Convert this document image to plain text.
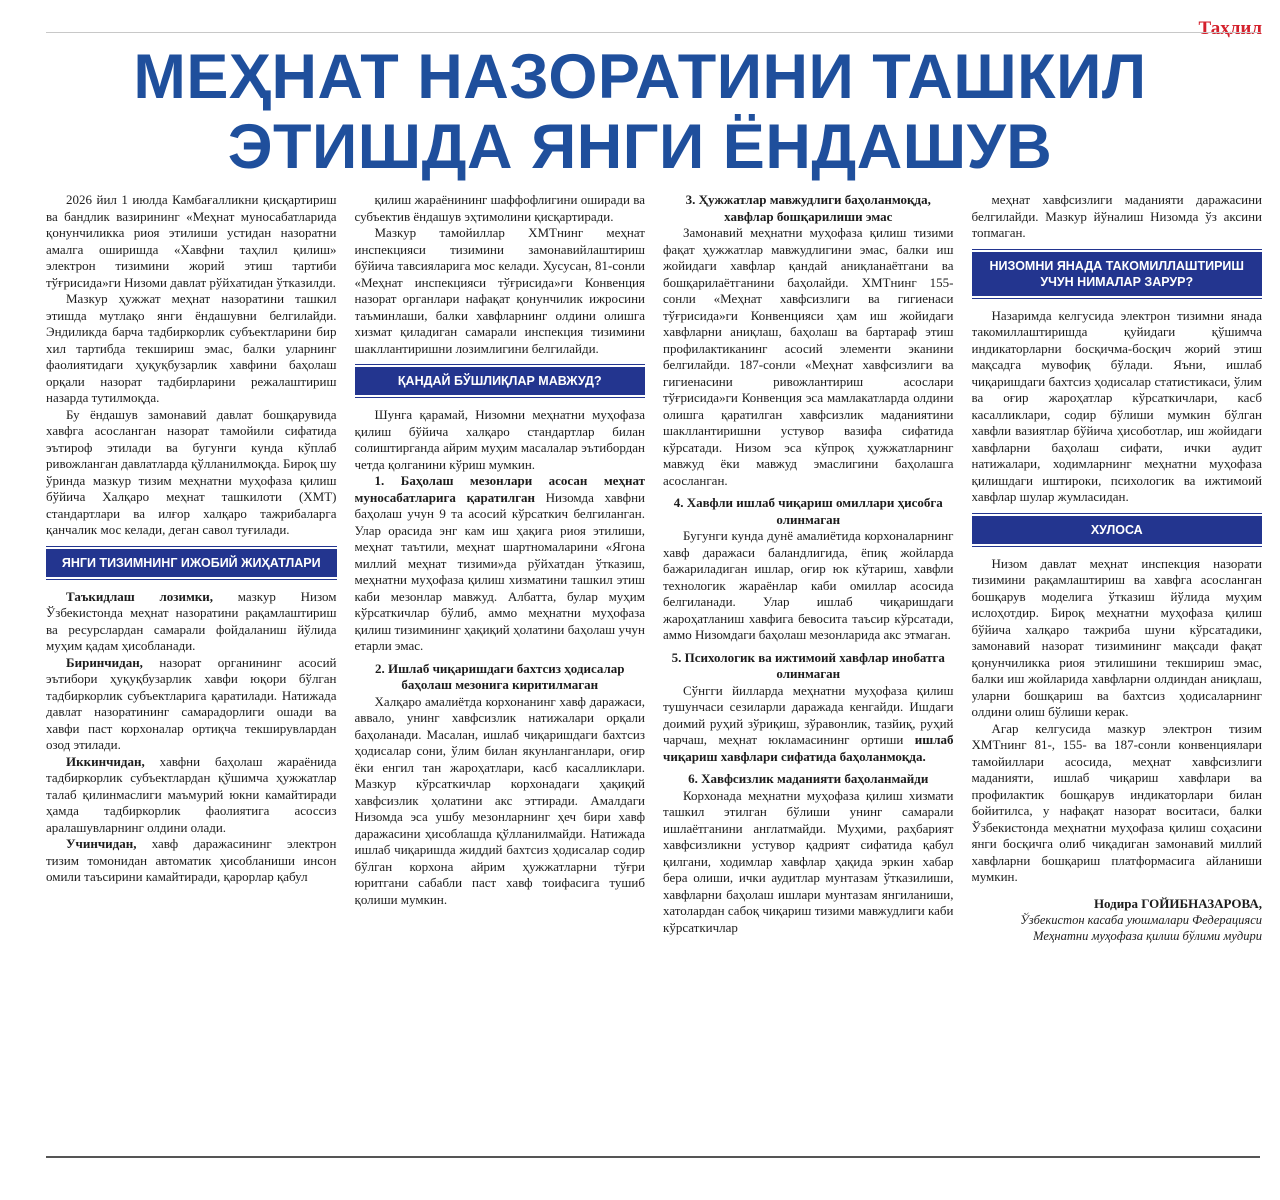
Таҳлил
МЕҲНАТ НАЗОРАТИНИ ТАШКИЛ
ЭТИШДА ЯНГИ ЁНДАШУВ

2026 йил 1 июлда Камбағалликни қисқартириш ва бандлик вазирининг «Меҳнат муносабатларида қонунчиликка риоя этилиши устидан назоратни амалга оширишда «Хавфни таҳлил қилиш» электрон тизимини жорий этиш тартиби тўғрисида»ги Низоми давлат рўйхатидан ўтказилди.

Мазкур ҳужжат меҳнат назоратини ташкил этишда мутлақо янги ёндашувни белгилайди. Эндиликда барча тадбиркорлик субъектларини бир хил тартибда текшириш эмас, балки уларнинг фаолиятидаги ҳуқуқбузарлик хавфини баҳолаш орқали назорат тадбирларини режалаштириш назарда тутилмоқда.

Бу ёндашув замонавий давлат бошқарувида хавфга асосланган назорат тамойили сифатида эътироф этилади ва бугунги кунда кўплаб ривожланган давлатларда қўлланилмоқда. Бироқ шу ўринда мазкур тизим меҳнатни муҳофаза қилиш бўйича Халқаро меҳнат ташкилоти (ХМТ) стандартлари ва илғор халқаро тажрибаларга қанчалик мос келади, деган савол туғилади.

ЯНГИ ТИЗИМНИНГ ИЖОБИЙ ЖИҲАТЛАРИ

Таъкидлаш лозимки, мазкур Низом Ўзбекистонда меҳнат назоратини рақамлаштириш ва ресурслардан самарали фойдаланиш йўлида муҳим қадам ҳисобланади.

Биринчидан, назорат органининг асосий эътибори ҳуқуқбузарлик хавфи юқори бўлган тадбиркорлик субъектларига қаратилади. Натижада давлат назоратининг самарадорлиги ошади ва хавфи паст корхоналар ортиқча текширувлардан озод этилади.

Иккинчидан, хавфни баҳолаш жараёнида тадбиркорлик субъектлардан қўшимча ҳужжатлар талаб қилинмаслиги маъмурий юкни камайтиради ҳамда тадбиркорлик фаолиятига асоссиз аралашувларнинг олдини олади.

Учинчидан, хавф даражасининг электрон тизим томонидан автоматик ҳисобланиши инсон омили таъсирини камайтиради, қарорлар қабул

қилиш жараёнининг шаффофлигини оширади ва субъектив ёндашув эҳтимолини қисқартиради.

Мазкур тамойиллар ХМТнинг меҳнат инспекцияси тизимини замонавийлаштириш бўйича тавсияларига мос келади. Хусусан, 81-сонли «Меҳнат инспекцияси тўғрисида»ги Конвенция назорат органлари нафақат қонунчилик ижросини таъминлаши, балки хавфларнинг олдини олишга хизмат қиладиган самарали инспекция тизимини шакллантиришни лозимлигини белгилайди.

ҚАНДАЙ БЎШЛИҚЛАР МАВЖУД?

Шунга қарамай, Низомни меҳнатни муҳофаза қилиш бўйича халқаро стандартлар билан солиштирганда айрим муҳим масалалар эътибордан четда қолганини кўриш мумкин.

1. Баҳолаш мезонлари асосан меҳнат муносабатларига қаратилган Низомда хавфни баҳолаш учун 9 та асосий кўрсаткич белгиланган. Улар орасида энг кам иш ҳақига риоя этилиши, меҳнат таътили, меҳнат шартномаларини «Ягона миллий меҳнат тизими»да рўйхатдан ўтказиш, меҳнатни муҳофаза қилиш хизматини ташкил этиш каби мезонлар мавжуд. Албатта, булар муҳим кўрсаткичлар бўлиб, аммо меҳнатни муҳофаза қилиш тизимининг ҳақиқий ҳолатини баҳолаш учун етарли эмас.

2. Ишлаб чиқаришдаги бахтсиз ҳодисалар баҳолаш мезонига киритилмаган

Халқаро амалиётда корхонанинг хавф даражаси, аввало, унинг хавфсизлик натижалари орқали баҳоланади. Масалан, ишлаб чиқаришдаги бахтсиз ҳодисалар сони, ўлим билан якунланганлари, оғир ёки енгил тан жароҳатлари, касб касалликлари. Мазкур кўрсаткичлар корхонадаги ҳақиқий хавфсизлик ҳолатини акс эттиради. Амалдаги Низомда эса ушбу мезонларнинг ҳеч бири хавф даражасини ҳисоблашда қўлланилмайди. Натижада ишлаб чиқаришда жиддий бахтсиз ҳодисалар содир бўлган корхона айрим ҳужжатларни тўғри юритгани сабабли паст хавф тоифасига тушиб қолиши мумкин.

3. Ҳужжатлар мавжудлиги баҳоланмоқда, хавфлар бошқарилиши эмас

Замонавий меҳнатни муҳофаза қилиш тизими фақат ҳужжатлар мавжудлигини эмас, балки иш жойидаги хавфлар қандай аниқланаётгани ва бошқарилаётганини баҳолайди. ХМТнинг 155-сонли «Меҳнат хавфсизлиги ва гигиенаси тўғрисида»ги Конвенцияси ҳам иш жойидаги хавфларни аниқлаш, баҳолаш ва бартараф этиш профилактиканинг асосий элементи эканини белгилайди. 187-сонли «Меҳнат хавфсизлиги ва гигиенасини ривожлантириш асослари тўғрисида»ги Конвенция эса мамлакатларда олдини олишга қаратилган хавфсизлик маданиятини шакллантиришни устувор вазифа сифатида кўрсатади. Низом эса кўпроқ ҳужжатларнинг мавжуд ёки мавжуд эмаслигини баҳолашга асосланган.

4. Хавфли ишлаб чиқариш омиллари ҳисобга олинмаган

Бугунги кунда дунё амалиётида корхоналарнинг хавф даражаси баландлигида, ёпиқ жойларда бажариладиган ишлар, оғир юк кўтариш, хавфли технологик жараёнлар каби омиллар асосида белгиланади. Улар ишлаб чиқаришдаги жароҳатланиш хавфига бевосита таъсир кўрсатади, аммо Низомдаги баҳолаш мезонларида акс этмаган.

5. Психологик ва ижтимоий хавфлар инобатга олинмаган

Сўнгги йилларда меҳнатни муҳофаза қилиш тушунчаси сезиларли даражада кенгайди. Ишдаги доимий руҳий зўриқиш, зўравонлик, тазйиқ, руҳий чарчаш, меҳнат юкламасининг ортиши ишлаб чиқариш хавфлари сифатида баҳоланмоқда.

6. Хавфсизлик маданияти баҳоланмайди

Корхонада меҳнатни муҳофаза қилиш хизмати ташкил этилган бўлиши унинг самарали ишлаётганини англатмайди. Муҳими, раҳбарият хавфсизликни устувор қадрият сифатида қабул қилгани, ходимлар хавфлар ҳақида эркин хабар бера олиши, ички аудитлар мунтазам ўтказилиши, хавфларни баҳолаш ишлари мунтазам янгиланиши, хатолардан сабоқ чиқариш тизими мавжудлиги каби кўрсаткичлар

меҳнат хавфсизлиги маданияти даражасини белгилайди. Мазкур йўналиш Низомда ўз аксини топмаган.

НИЗОМНИ ЯНАДА ТАКОМИЛЛАШТИРИШ УЧУН НИМАЛАР ЗАРУР?

Назаримда келгусида электрон тизимни янада такомиллаштиришда қуйидаги қўшимча индикаторларни босқичма-босқич жорий этиш мақсадга мувофиқ бўлади. Яъни, ишлаб чиқаришдаги бахтсиз ҳодисалар статистикаси, ўлим ва оғир жароҳатлар кўрсаткичлари, касб касалликлари, содир бўлиши мумкин бўлган хавфли вазиятлар бўйича ҳисоботлар, иш жойидаги хавфларни баҳолаш сифати, ички аудит натижалари, ходимларнинг меҳнатни муҳофаза қилишдаги иштироки, психологик ва ижтимоий хавфлар шулар жумласидан.

ХУЛОСА

Низом давлат меҳнат инспекция назорати тизимини рақамлаштириш ва хавфга асосланган бошқарув моделига ўтказиш йўлида муҳим ислоҳотдир. Бироқ меҳнатни муҳофаза қилиш бўйича халқаро тажриба шуни кўрсатадики, замонавий назорат тизимининг мақсади фақат қонунчиликка риоя этилишини текшириш эмас, балки иш жойларида хавфларни олдиндан аниқлаш, уларни бошқариш ва бахтсиз ҳодисаларнинг олдини олиш бўлиши керак.

Агар келгусида мазкур электрон тизим ХМТнинг 81-, 155- ва 187-сонли конвенциялари тамойиллари асосида, меҳнат хавфсизлиги маданияти, ишлаб чиқариш хавфлари ва профилактик бошқарув индикаторлари билан бойитилса, у нафақат назорат воситаси, балки Ўзбекистонда меҳнатни муҳофаза қилиш соҳасини янги босқичга олиб чиқадиган замонавий миллий хавфларни бошқариш платформасига айланиши мумкин.

Нодира ГОЙИБНАЗАРОВА,
Ўзбекистон касаба уюшмалари Федерацияси Меҳнатни муҳофаза қилиш бўлими мудири
